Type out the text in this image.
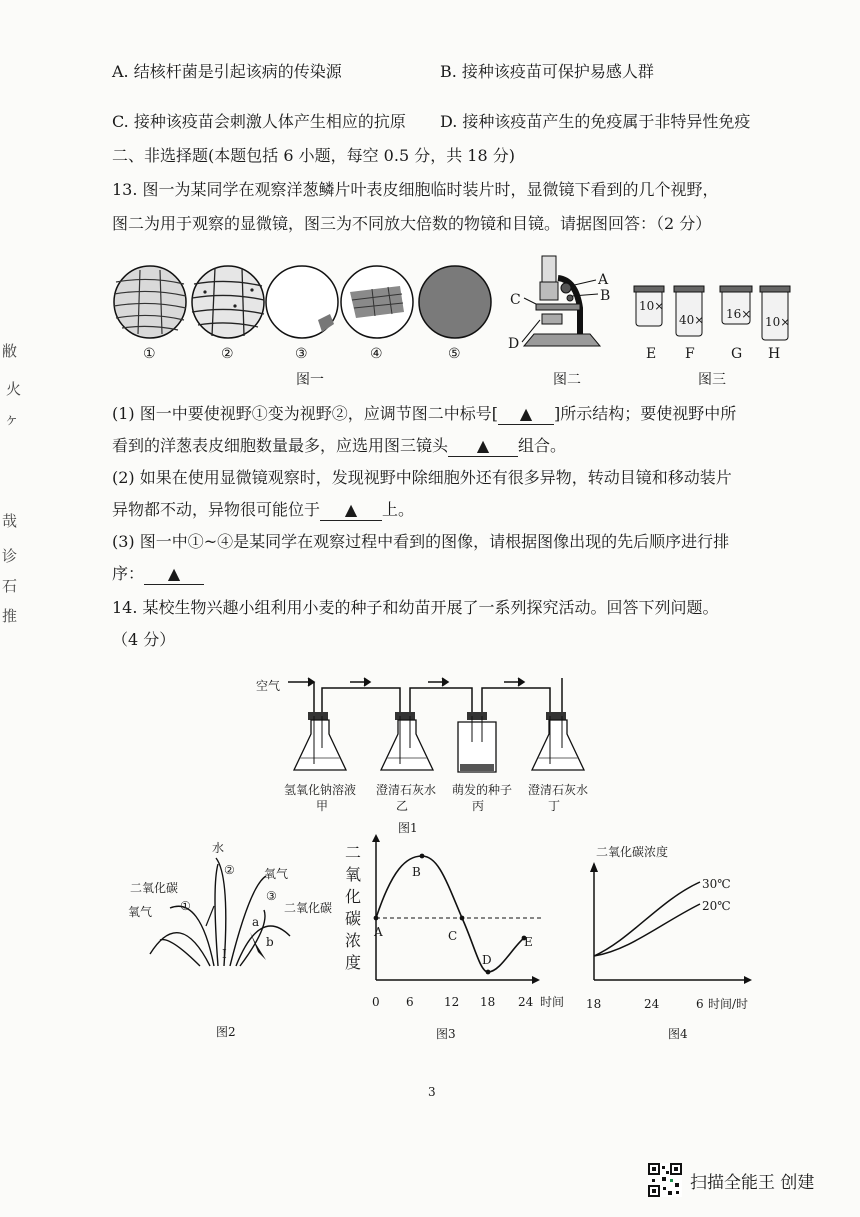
敝
火
ヶ
哉
诊
石
推
A. 结核杆菌是引起该病的传染源	B. 接种该疫苗可保护易感人群
C. 接种该疫苗会刺激人体产生相应的抗原 D. 接种该疫苗产生的免疫属于非特异性免疫
二、非选择题(本题包括 6 小题，每空 0.5 分，共 18 分)
13. 图一为某同学在观察洋葱鳞片叶表皮细胞临时装片时，显微镜下看到的几个视野，
图二为用于观察的显微镜，图三为不同放大倍数的物镜和目镜。请据图回答：（2 分）
①	②	③	④	⑤
图一
A
B
C
D
图二
10×
40× 16×
10×
E F	G H
图三
(1) 图一中要使视野①变为视野②，应调节图二中标号[ ▲ ]所示结构；要使视野中所
看到的洋葱表皮细胞数量最多，应选用图三镜头 ▲ 组合。
(2) 如果在使用显微镜观察时，发现视野中除细胞外还有很多异物，转动目镜和移动装片
异物都不动，异物很可能位于 ▲ 上。
(3) 图一中①~④是某同学在观察过程中看到的图像，请根据图像出现的先后顺序进行排
序： ▲
14. 某校生物兴趣小组利用小麦的种子和幼苗开展了一系列探究活动。回答下列问题。
（4 分）
空气
氢氧化钠溶液
甲
澄清石灰水
乙
萌发的种子
丙
澄清石灰水
丁
图1
水
② 氧气
二氧化碳
①
氧气
③
二氧化碳
a
b
I
图2
二氧化碳浓度
A
B
C
D
E
0 6	12 18 24 时间
图3
二氧化碳浓度
30℃
20℃
18	24	6 时间/时
图4
3
扫描全能王 创建
